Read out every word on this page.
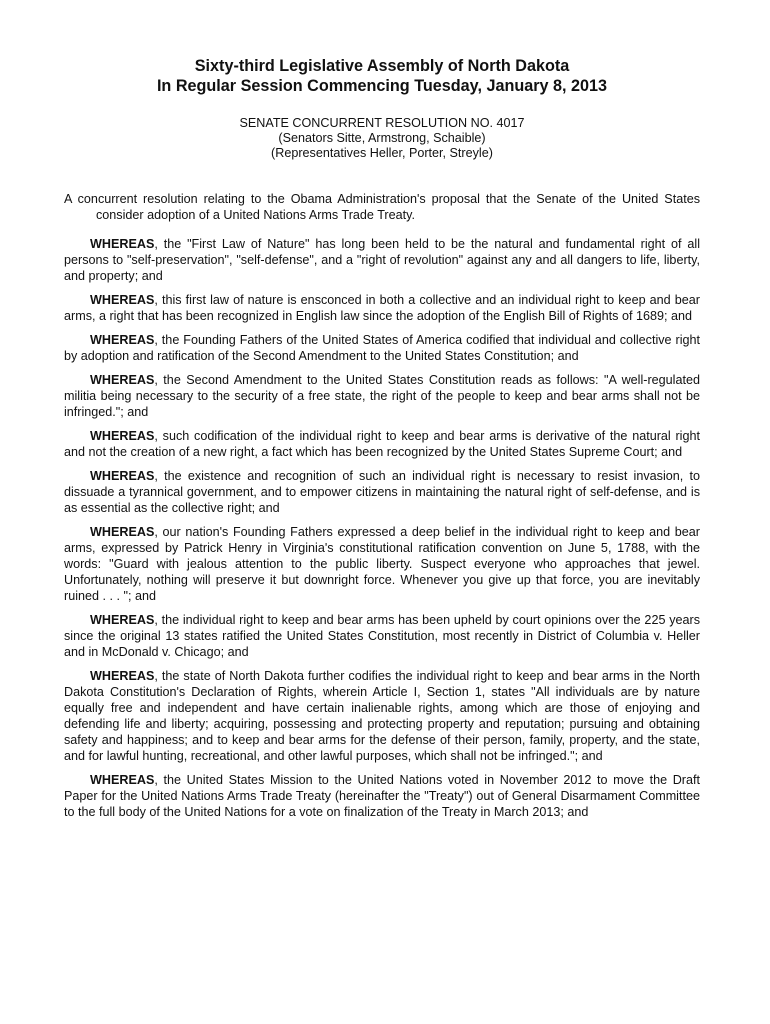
Sixty-third Legislative Assembly of North Dakota
In Regular Session Commencing Tuesday, January 8, 2013
SENATE CONCURRENT RESOLUTION NO. 4017
(Senators Sitte, Armstrong, Schaible)
(Representatives Heller, Porter, Streyle)

A concurrent resolution relating to the Obama Administration's proposal that the Senate of the United States consider adoption of a United Nations Arms Trade Treaty.

WHEREAS, the "First Law of Nature" has long been held to be the natural and fundamental right of all persons to "self-preservation", "self-defense", and a "right of revolution" against any and all dangers to life, liberty, and property; and

WHEREAS, this first law of nature is ensconced in both a collective and an individual right to keep and bear arms, a right that has been recognized in English law since the adoption of the English Bill of Rights of 1689; and

WHEREAS, the Founding Fathers of the United States of America codified that individual and collective right by adoption and ratification of the Second Amendment to the United States Constitution; and

WHEREAS, the Second Amendment to the United States Constitution reads as follows: "A well-regulated militia being necessary to the security of a free state, the right of the people to keep and bear arms shall not be infringed."; and

WHEREAS, such codification of the individual right to keep and bear arms is derivative of the natural right and not the creation of a new right, a fact which has been recognized by the United States Supreme Court; and

WHEREAS, the existence and recognition of such an individual right is necessary to resist invasion, to dissuade a tyrannical government, and to empower citizens in maintaining the natural right of self-defense, and is as essential as the collective right; and

WHEREAS, our nation's Founding Fathers expressed a deep belief in the individual right to keep and bear arms, expressed by Patrick Henry in Virginia's constitutional ratification convention on June 5, 1788, with the words: "Guard with jealous attention to the public liberty. Suspect everyone who approaches that jewel. Unfortunately, nothing will preserve it but downright force. Whenever you give up that force, you are inevitably ruined . . . "; and

WHEREAS, the individual right to keep and bear arms has been upheld by court opinions over the 225 years since the original 13 states ratified the United States Constitution, most recently in District of Columbia v. Heller and in McDonald v. Chicago; and

WHEREAS, the state of North Dakota further codifies the individual right to keep and bear arms in the North Dakota Constitution's Declaration of Rights, wherein Article I, Section 1, states "All individuals are by nature equally free and independent and have certain inalienable rights, among which are those of enjoying and defending life and liberty; acquiring, possessing and protecting property and reputation; pursuing and obtaining safety and happiness; and to keep and bear arms for the defense of their person, family, property, and the state, and for lawful hunting, recreational, and other lawful purposes, which shall not be infringed."; and

WHEREAS, the United States Mission to the United Nations voted in November 2012 to move the Draft Paper for the United Nations Arms Trade Treaty (hereinafter the "Treaty") out of General Disarmament Committee to the full body of the United Nations for a vote on finalization of the Treaty in March 2013; and
